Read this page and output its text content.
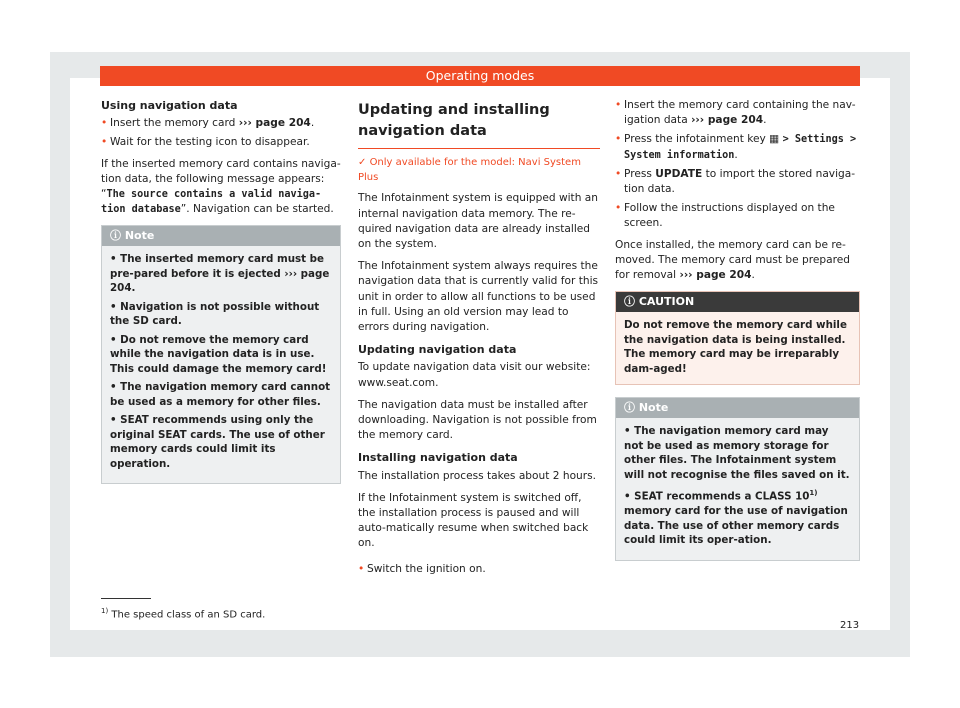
Operating modes
Using navigation data
• Insert the memory card ››› page 204.
• Wait for the testing icon to disappear.

If the inserted memory card contains naviga-tion data, the following message appears: “The source contains a valid naviga-tion database”. Navigation can be started.

ⓘ Note
• The inserted memory card must be pre-pared before it is ejected ››› page 204.
• Navigation is not possible without the SD card.
• Do not remove the memory card while the navigation data is in use. This could damage the memory card!
• The navigation memory card cannot be used as a memory for other files.
• SEAT recommends using only the original SEAT cards. The use of other memory cards could limit its operation.
Updating and installing navigation data
✓ Only available for the model: Navi System Plus

The Infotainment system is equipped with an internal navigation data memory. The re-quired navigation data are already installed on the system.

The Infotainment system always requires the navigation data that is currently valid for this unit in order to allow all functions to be used in full. Using an old version may lead to errors during navigation.

Updating navigation data

To update navigation data visit our website: www.seat.com.

The navigation data must be installed after downloading. Navigation is not possible from the memory card.

Installing navigation data

The installation process takes about 2 hours.

If the Infotainment system is switched off, the installation process is paused and will auto-matically resume when switched back on.

• Switch the ignition on.
• Insert the memory card containing the nav-igation data ››› page 204.
• Press the infotainment key ▦ > Settings > System information.
• Press UPDATE to import the stored naviga-tion data.
• Follow the instructions displayed on the screen.

Once installed, the memory card can be re-moved. The memory card must be prepared for removal ››› page 204.

ⓘ CAUTION
Do not remove the memory card while the navigation data is being installed. The memory card may be irreparably dam-aged!
ⓘ Note
• The navigation memory card may not be used as memory storage for other files. The Infotainment system will not recognise the files saved on it.
• SEAT recommends a CLASS 10$^{1)}$ memory card for the use of navigation data. The use of other memory cards could limit its oper-ation.
$^{1)}$ The speed class of an SD card.
213
